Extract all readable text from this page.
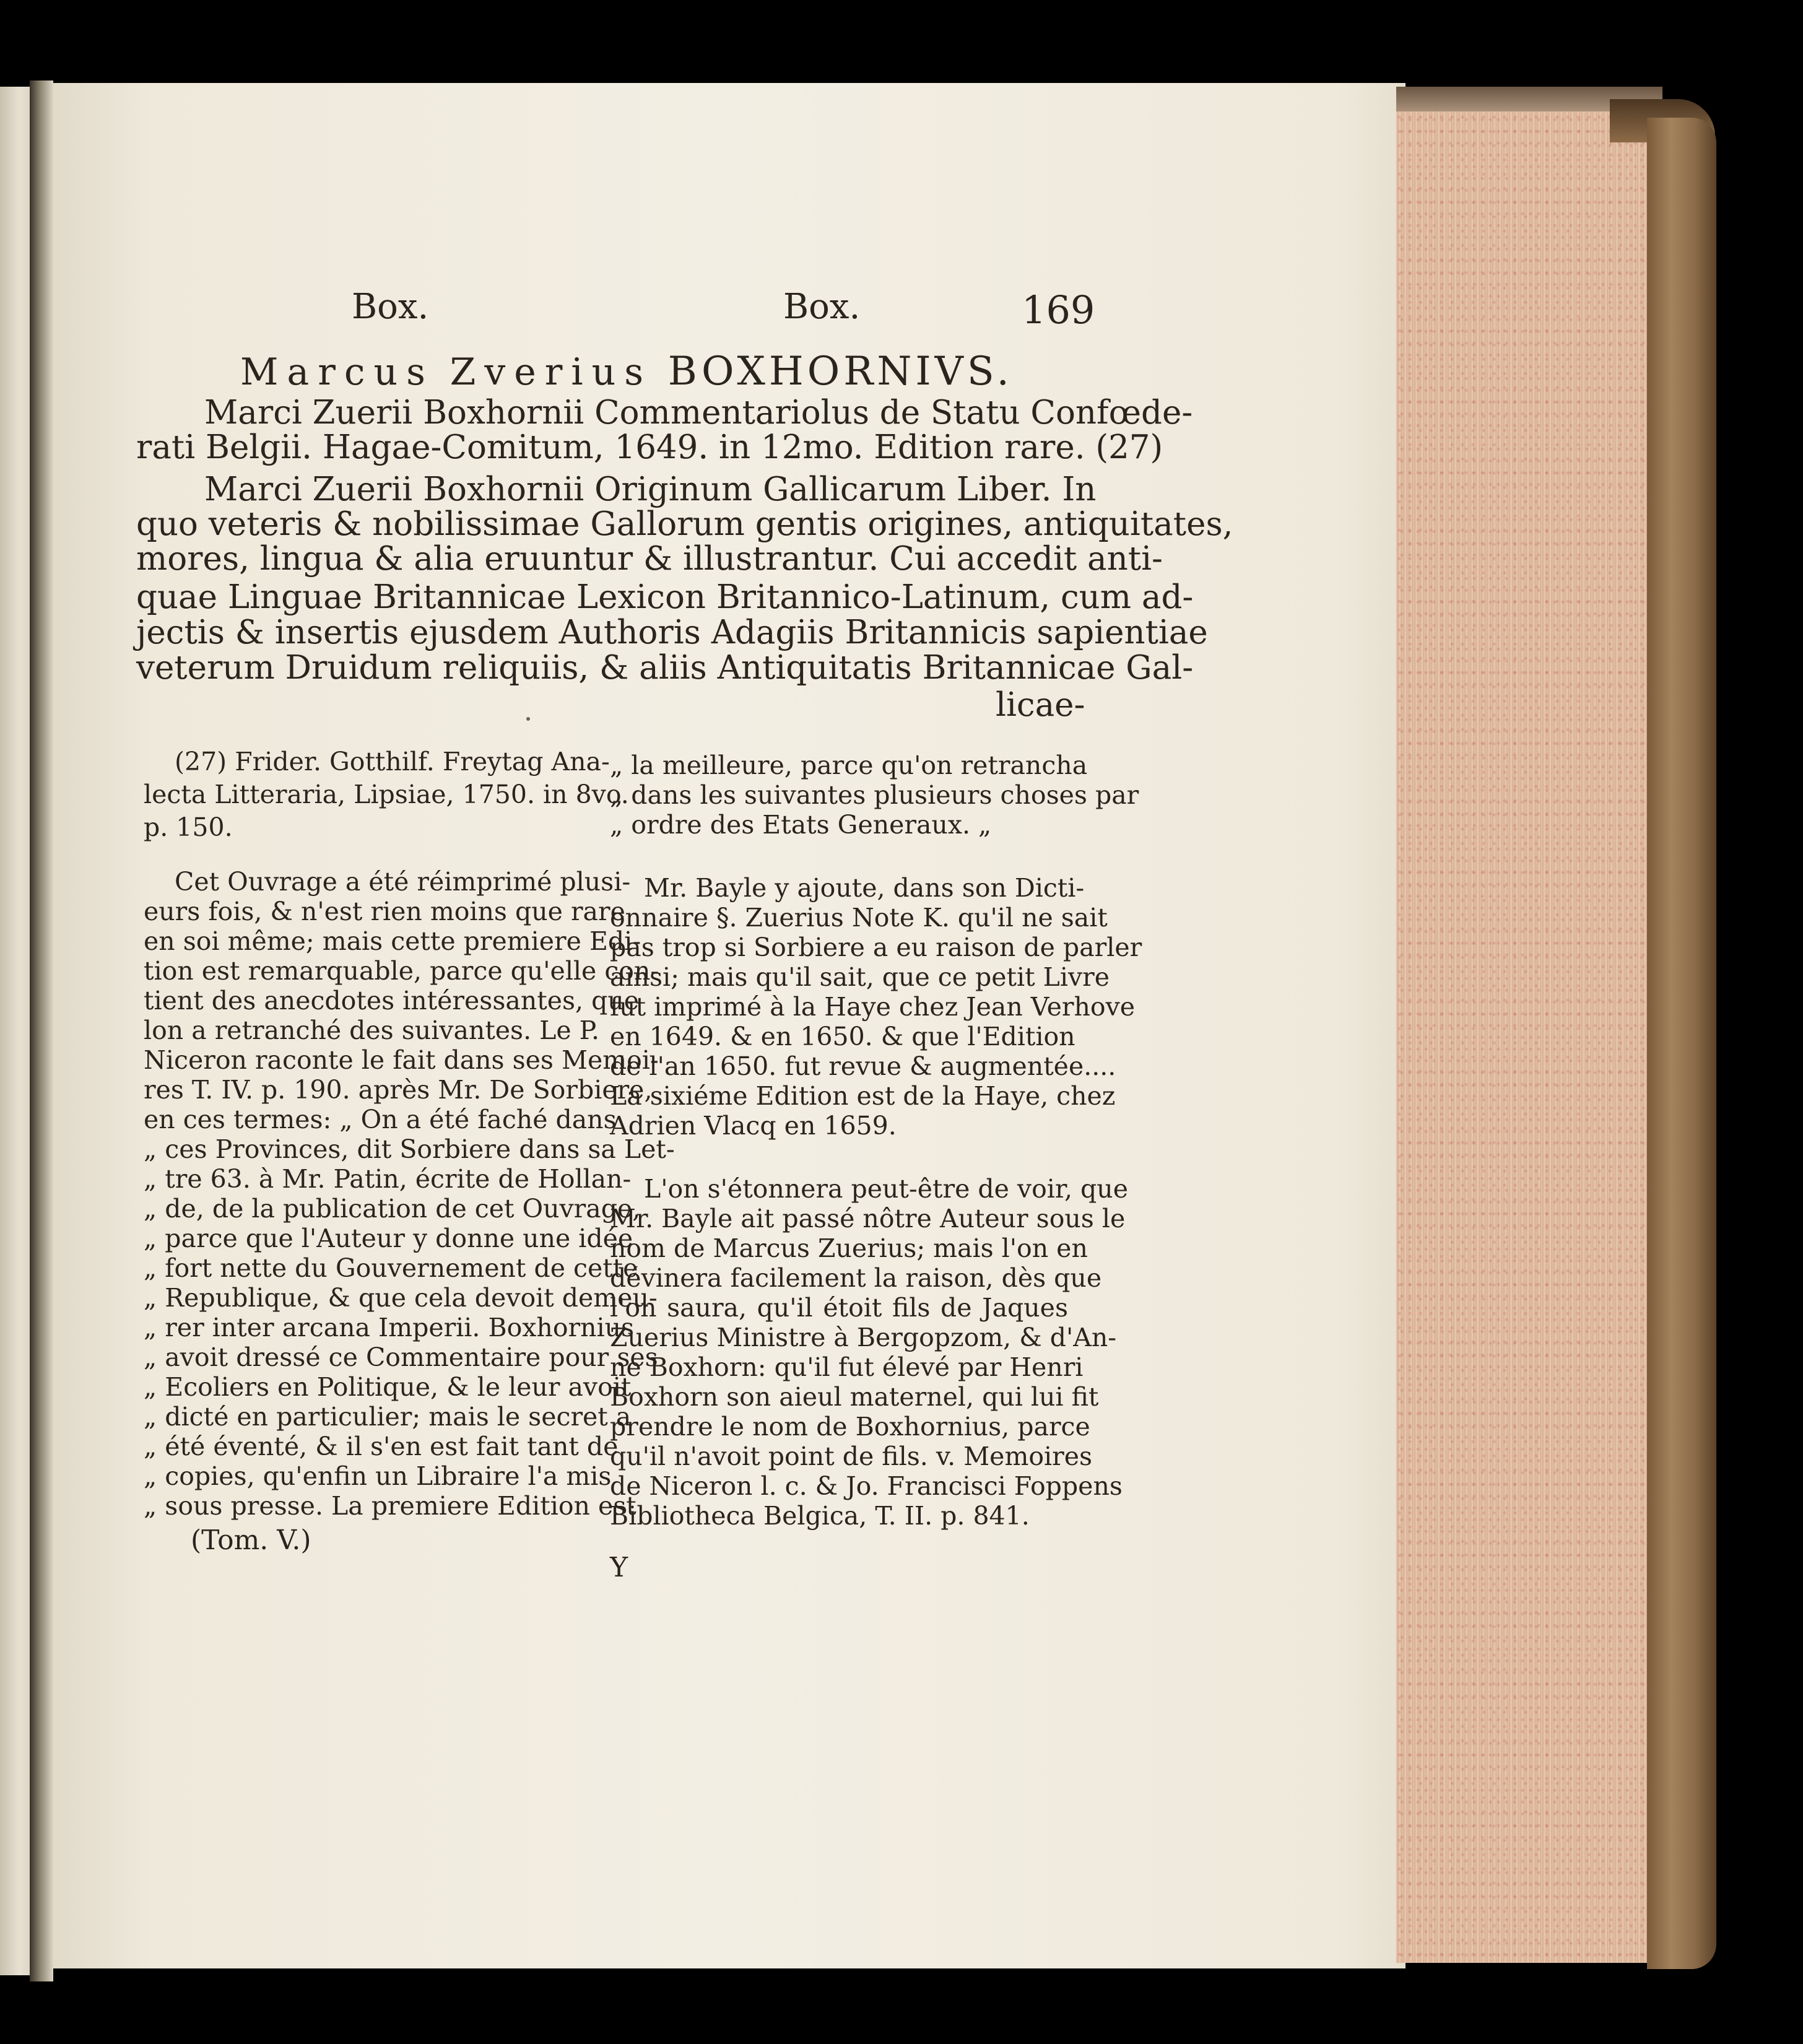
Box.	Box.	169
Marcus Zverius BOXHORNIVS.
Marci Zuerii Boxhornii Commentariolus de Statu Confœde-
rati Belgii. Hagae-Comitum, 1649. in 12mo. Edition rare. (27)
Marci Zuerii Boxhornii Originum Gallicarum Liber. In
quo veteris & nobilissimae Gallorum gentis origines, antiquitates,
mores, lingua & alia eruuntur & illustrantur. Cui accedit anti-
quae Linguae Britannicae Lexicon Britannico-Latinum, cum ad-
jectis & insertis ejusdem Authoris Adagiis Britannicis sapientiae
veterum Druidum reliquiis, & aliis Antiquitatis Britannicae Gal-
licae-
(27) Frider. Gotthilf. Freytag Ana-
lecta Litteraria, Lipsiae, 1750. in 8vo.
p. 150.
Cet Ouvrage a été réimprimé plusi-
eurs fois, & n'est rien moins que rare
en soi même; mais cette premiere Edi-
tion est remarquable, parce qu'elle con-
tient des anecdotes intéressantes, que
lon a retranché des suivantes. Le P.
Niceron raconte le fait dans ses Memoi-
res T. IV. p. 190. après Mr. De Sorbiere,
en ces termes: „ On a été faché dans
„ ces Provinces, dit Sorbiere dans sa Let-
„ tre 63. à Mr. Patin, écrite de Hollan-
„ de, de la publication de cet Ouvrage,
„ parce que l'Auteur y donne une idée
„ fort nette du Gouvernement de cette
„ Republique, & que cela devoit demeu-
„ rer inter arcana Imperii. Boxhornius
„ avoit dressé ce Commentaire pour ses
„ Ecoliers en Politique, & le leur avoit
„ dicté en particulier; mais le secret a
„ été éventé, & il s'en est fait tant de
„ copies, qu'enfin un Libraire l'a mis
„ sous presse. La premiere Edition est
(Tom. V.)
„ la meilleure, parce qu'on retrancha
„ dans les suivantes plusieurs choses par
„ ordre des Etats Generaux. „
Mr. Bayle y ajoute, dans son Dicti-
onnaire §. Zuerius Note K. qu'il ne sait
pas trop si Sorbiere a eu raison de parler
ainsi; mais qu'il sait, que ce petit Livre
fut imprimé à la Haye chez Jean Verhove
en 1649. & en 1650. & que l'Edition
de l'an 1650. fut revue & augmentée....
La sixiéme Edition est de la Haye, chez
Adrien Vlacq en 1659.
L'on s'étonnera peut-être de voir, que
Mr. Bayle ait passé nôtre Auteur sous le
nom de Marcus Zuerius; mais l'on en
dévinera facilement la raison, dès que
l'on saura, qu'il étoit fils de Jaques
Zuerius Ministre à Bergopzom, & d'An-
ne Boxhorn: qu'il fut élevé par Henri
Boxhorn son aieul maternel, qui lui fit
prendre le nom de Boxhornius, parce
qu'il n'avoit point de fils. v. Memoires
de Niceron l. c. & Jo. Francisci Foppens
Bibliotheca Belgica, T. II. p. 841.
Y
